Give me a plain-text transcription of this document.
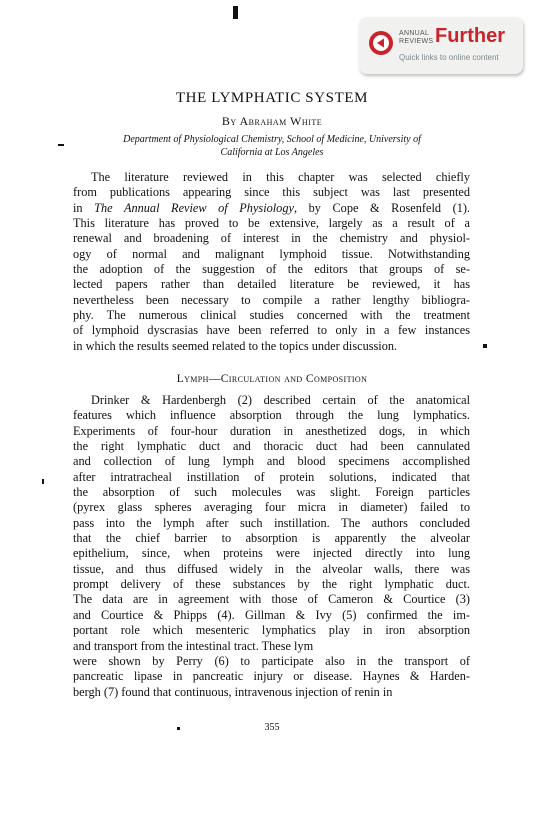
ANNUAL
REVIEWS Further
Quick links to online content
THE LYMPHATIC SYSTEM
By Abraham White
Department of Physiological Chemistry, School of Medicine, University of
California at Los Angeles
The literature reviewed in this chapter was selected chiefly
from publications appearing since this subject was last presented
in The Annual Review of Physiology, by Cope & Rosenfeld (1).
This literature has proved to be extensive, largely as a result of a
renewal and broadening of interest in the chemistry and physiol-
ogy of normal and malignant lymphoid tissue. Notwithstanding
the adoption of the suggestion of the editors that groups of se-
lected papers rather than detailed literature be reviewed, it has
nevertheless been necessary to compile a rather lengthy bibliogra-
phy. The numerous clinical studies concerned with the treatment
of lymphoid dyscrasias have been referred to only in a few instances
in which the results seemed related to the topics under discussion.
Lymph—Circulation and Composition
Drinker & Hardenbergh (2) described certain of the anatomical
features which influence absorption through the lung lymphatics.
Experiments of four-hour duration in anesthetized dogs, in which
the right lymphatic duct and thoracic duct had been cannulated
and collection of lung lymph and blood specimens accomplished
after intratracheal instillation of protein solutions, indicated that
the absorption of such molecules was slight. Foreign particles
(pyrex glass spheres averaging four micra in diameter) failed to
pass into the lymph after such instillation. The authors concluded
that the chief barrier to absorption is apparently the alveolar
epithelium, since, when proteins were injected directly into lung
tissue, and thus diffused widely in the alveolar walls, there was
prompt delivery of these substances by the right lymphatic duct.
The data are in agreement with those of Cameron & Courtice (3)
and Courtice & Phipps (4). Gillman & Ivy (5) confirmed the im-
portant role which mesenteric lymphatics play in iron absorption
and transport from the intestinal tract. These lym
were shown by Perry (6) to participate also in the transport of
pancreatic lipase in pancreatic injury or disease. Haynes & Harden-
bergh (7) found that continuous, intravenous injection of renin in
355
